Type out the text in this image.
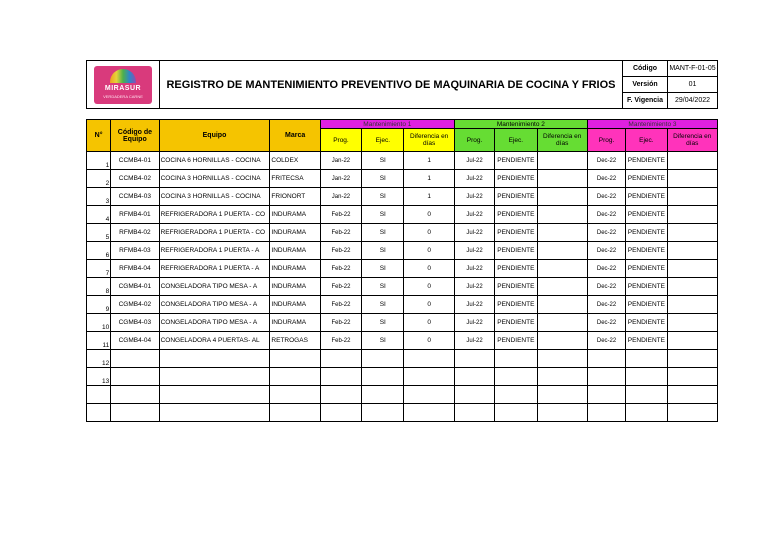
MIRASUR
VERDADERA CARNE	REGISTRO DE MANTENIMIENTO PREVENTIVO DE MAQUINARIA DE COCINA Y FRIOS	Código	MANT-F-01-05
		Versión	01
		F. Vigencia	29/04/2022
N°	Código de Equipo	Equipo	Marca	Mantenimiento 1			Mantenimiento 2			Mantenimiento 3		
				Prog.	Ejec.	Diferencia en días	Prog.	Ejec.	Diferencia en días	Prog.	Ejec.	Diferencia en días
1	CCMB4-01	COCINA 6 HORNILLAS - COCINA	COLDEX	Jan-22	SI	1	Jul-22	PENDIENTE		Dec-22	PENDIENTE	
2	CCMB4-02	COCINA 3 HORNILLAS - COCINA	FRITECSA	Jan-22	SI	1	Jul-22	PENDIENTE		Dec-22	PENDIENTE	
3	CCMB4-03	COCINA 3 HORNILLAS - COCINA	FRIONORT	Jan-22	SI	1	Jul-22	PENDIENTE		Dec-22	PENDIENTE	
4	RFMB4-01	REFRIGERADORA 1 PUERTA - CO	INDURAMA	Feb-22	SI	0	Jul-22	PENDIENTE		Dec-22	PENDIENTE	
5	RFMB4-02	REFRIGERADORA 1 PUERTA - CO	INDURAMA	Feb-22	SI	0	Jul-22	PENDIENTE		Dec-22	PENDIENTE	
6	RFMB4-03	REFRIGERADORA 1 PUERTA - A	INDURAMA	Feb-22	SI	0	Jul-22	PENDIENTE		Dec-22	PENDIENTE	
7	RFMB4-04	REFRIGERADORA 1 PUERTA - A	INDURAMA	Feb-22	SI	0	Jul-22	PENDIENTE		Dec-22	PENDIENTE	
8	CGMB4-01	CONGELADORA TIPO MESA - A	INDURAMA	Feb-22	SI	0	Jul-22	PENDIENTE		Dec-22	PENDIENTE	
9	CGMB4-02	CONGELADORA TIPO MESA - A	INDURAMA	Feb-22	SI	0	Jul-22	PENDIENTE		Dec-22	PENDIENTE	
10	CGMB4-03	CONGELADORA TIPO MESA - A	INDURAMA	Feb-22	SI	0	Jul-22	PENDIENTE		Dec-22	PENDIENTE	
11	CGMB4-04	CONGELADORA 4 PUERTAS- AL	RETROGAS	Feb-22	SI	0	Jul-22	PENDIENTE		Dec-22	PENDIENTE	
12												
13												
